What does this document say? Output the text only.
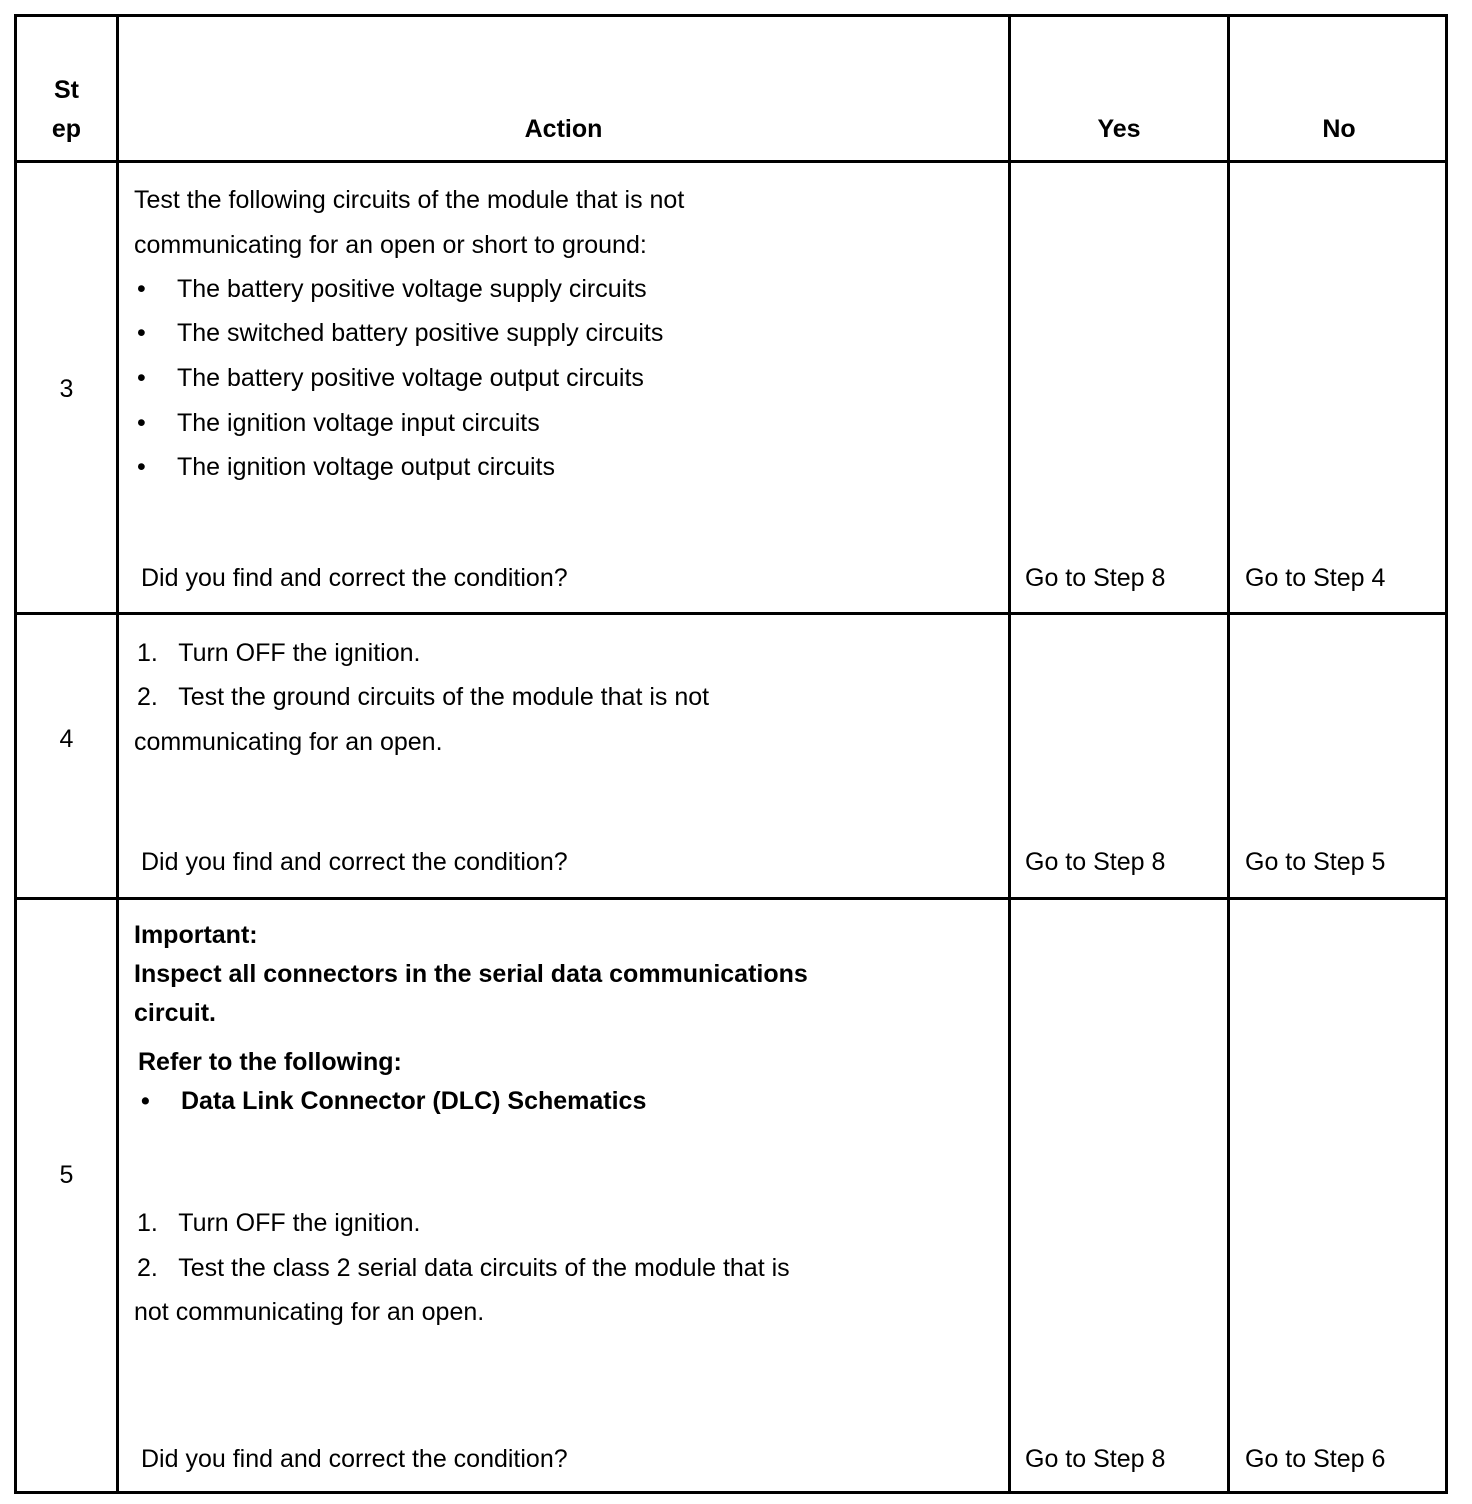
St
ep	Action	Yes	No
3
Test the following circuits of the module that is not
communicating for an open or short to ground:
• The battery positive voltage supply circuits
• The switched battery positive supply circuits
• The battery positive voltage output circuits
• The ignition voltage input circuits
• The ignition voltage output circuits
Did you find and correct the condition?	Go to Step 8	Go to Step 4
4
1.   Turn OFF the ignition.
2.   Test the ground circuits of the module that is not
communicating for an open.
Did you find and correct the condition?	Go to Step 8	Go to Step 5
5
Important:
Inspect all connectors in the serial data communications
circuit.
Refer to the following:
• Data Link Connector (DLC) Schematics
1.   Turn OFF the ignition.
2.   Test the class 2 serial data circuits of the module that is
not communicating for an open.
Did you find and correct the condition?	Go to Step 8	Go to Step 6
